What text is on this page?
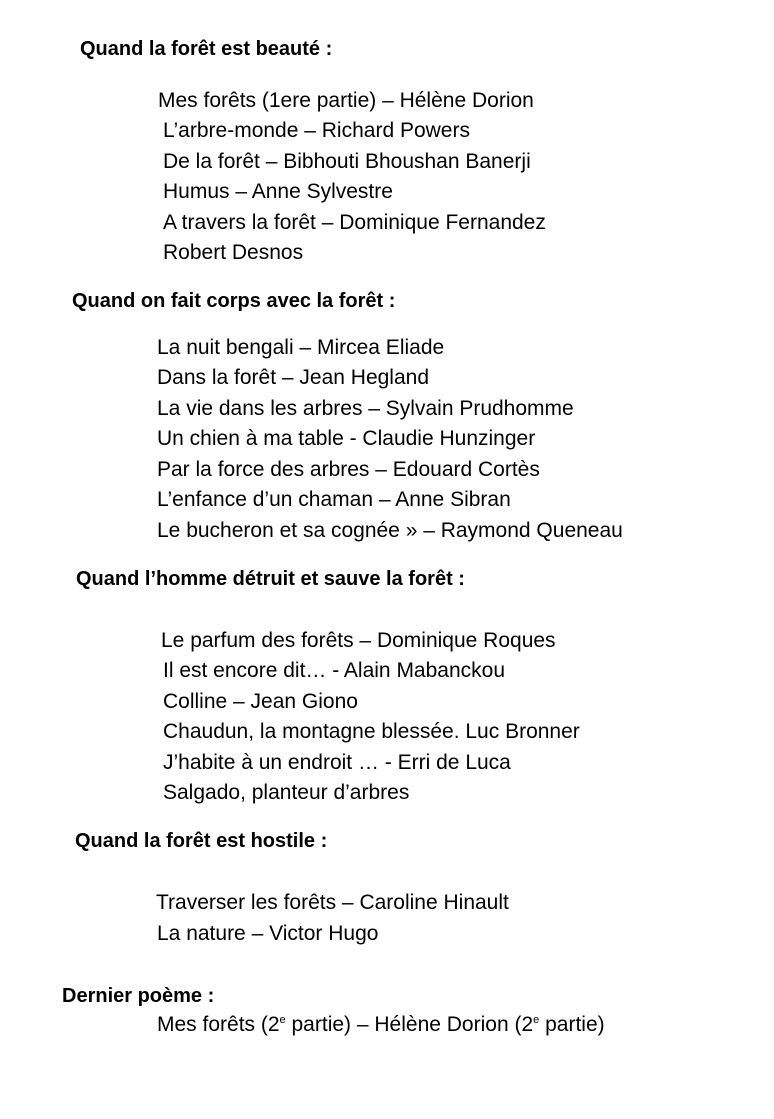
Quand la forêt est beauté :
Mes forêts (1ere partie) – Hélène Dorion
L’arbre-monde – Richard Powers
De la forêt – Bibhouti Bhoushan Banerji
Humus – Anne Sylvestre
A travers la forêt – Dominique Fernandez
Robert Desnos
Quand on fait corps avec la forêt :
La nuit bengali – Mircea Eliade
Dans la forêt – Jean Hegland
La vie dans les arbres – Sylvain Prudhomme
Un chien à ma table - Claudie Hunzinger
Par la force des arbres – Edouard Cortès
L’enfance d’un chaman – Anne Sibran
Le bucheron et sa cognée » – Raymond Queneau
Quand l’homme détruit et sauve la forêt :
Le parfum des forêts – Dominique Roques
Il est encore dit… - Alain Mabanckou
Colline – Jean Giono
Chaudun, la montagne blessée. Luc Bronner
J’habite à un endroit … - Erri de Luca
Salgado, planteur d’arbres
Quand la forêt est hostile :
Traverser les forêts – Caroline Hinault
La nature – Victor Hugo
Dernier poème :
Mes forêts (2e partie) – Hélène Dorion (2e partie)
